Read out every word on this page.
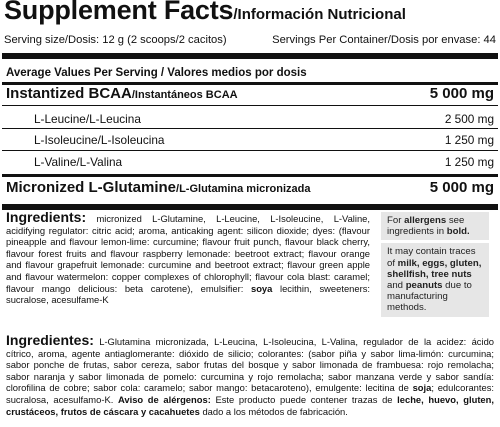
Supplement Facts/Información Nutricional
Serving size/Dosis: 12 g (2 scoops/2 cacitos)	Servings Per Container/Dosis por envase: 44
Average Values Per Serving / Valores medios por dosis
Instantized BCAA/Instantáneos BCAA	5 000 mg
L-Leucine/L-Leucina	2 500 mg
L-Isoleucine/L-Isoleucina	1 250 mg
L-Valine/L-Valina	1 250 mg
Micronized L-Glutamine/L-Glutamina micronizada	5 000 mg
Ingredients: micronized L-Glutamine, L-Leucine, L-Isoleucine, L-Valine, acidifying regulator: citric acid; aroma, anticaking agent: silicon dioxide; dyes: (flavour pineapple and flavour lemon-lime: curcumine; flavour fruit punch, flavour black cherry, flavour forest fruits and flavour raspberry lemonade: beetroot extract; flavour orange and flavour grapefruit lemonade: curcumine and beetroot extract; flavour green apple and flavour watermelon: copper complexes of chlorophyll; flavour cola blast: caramel; flavour mango delicious: beta carotene), emulsifier: soya lecithin, sweeteners: sucralose, acesulfame-K
For allergens see ingredients in bold.
It may contain traces of milk, eggs, gluten, shellfish, tree nuts and peanuts due to manufacturing methods.
Ingredientes: L-Glutamina micronizada, L-Leucina, L-Isoleucina, L-Valina, regulador de la acidez: ácido cítrico, aroma, agente antiaglomerante: dióxido de silicio; colorantes: (sabor piña y sabor lima-limón: curcumina; sabor ponche de frutas, sabor cereza, sabor frutas del bosque y sabor limonada de frambuesa: rojo remolacha; sabor naranja y sabor limonada de pomelo: curcumina y rojo remolacha; sabor manzana verde y sabor sandía: clorofilina de cobre; sabor cola: caramelo; sabor mango: betacaroteno), emulgente: lecitina de soja; edulcorantes: sucralosa, acesulfamo-K. Aviso de alérgenos: Este producto puede contener trazas de leche, huevo, gluten, crustáceos, frutos de cáscara y cacahuetes dado a los métodos de fabricación.
